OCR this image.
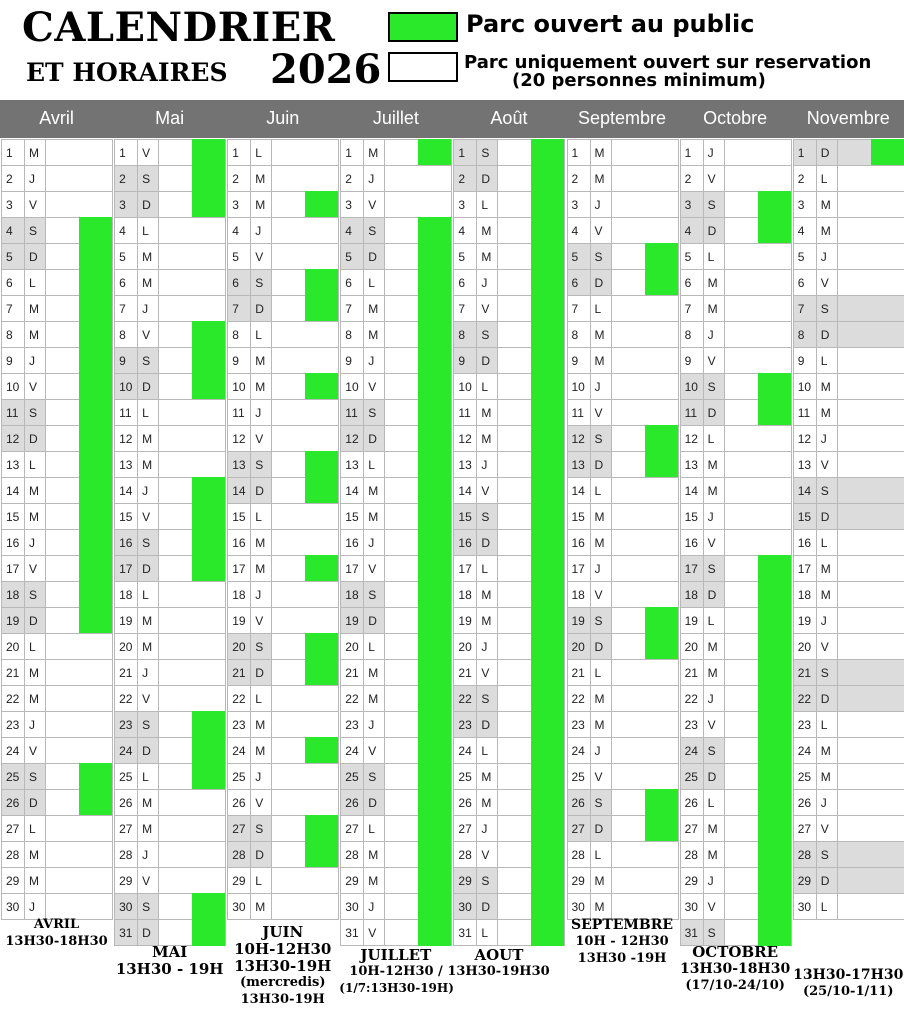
CALENDRIER
ET HORAIRES 2026
Parc ouvert au public
Parc uniquement ouvert sur reservation
(20 personnes minimum)
Avril
1	M
2	J
3	V
4	S
5	D
6	L
7	M
8	M
9	J
10 V
11 S
12 D
13 L
14 M
15 M
16 J
17 V
18 S
19 D
20 L
21 M
22 M
23 J
24 V
25 S
26 D
27 L
28 M
29 M
30 J
AVRIL
13H30-18H30
Mai
1	V
2	S
3	D
4	L
5	M
6	M
7	J
8	V
9	S
10 D
11 L
12 M
13 M
14 J
15 V
16 S
17 D
18 L
19 M
20 M
21 J
22 V
23 S
24 D
25 L
26 M
27 M
28 J
29 V
30 S
31 D
MAI
13H30 - 19H
Juin
1	L
2	M
3	M
4	J
5	V
6	S
7	D
8	L
9	M
10 M
11 J
12 V
13 S
14 D
15 L
16 M
17 M
18 J
19 V
20 S
21 D
22 L
23 M
24 M
25 J
26 V
27 S
28 D
29 L
30 M
JUIN
10H-12H30
13H30-19H
(mercredis)
13H30-19H
Juillet
1	M
2	J
3	V
4	S
5	D
6	L
7	M
8	M
9	J
10 V
11 S
12 D
13 L
14 M
15 M
16 J
17 V
18 S
19 D
20 L
21 M
22 M
23 J
24 V
25 S
26 D
27 L
28 M
29 M
30 J
31 V
JUILLET
10H-12H30 / 13H30-19H30
(1/7:13H30-19H)
Août
1	S
2	D
3	L
4	M
5	M
6	J
7	V
8	S
9	D
10 L
11 M
12 M
13 J
14 V
15 S
16 D
17 L
18 M
19 M
20 J
21 V
22 S
23 D
24 L
25 M
26 M
27 J
28 V
29 S
30 D
31 L
AOUT
Septembre
1	M
2	M
3	J
4	V
5	S
6	D
7	L
8	M
9	M
10 J
11 V
12 S
13 D
14 L
15 M
16 M
17 J
18 V
19 S
20 D
21 L
22 M
23 M
24 J
25 V
26 S
27 D
28 L
29 M
30 M
SEPTEMBRE
10H - 12H30
13H30 -19H
Octobre
1	J
2	V
3	S
4	D
5	L
6	M
7	M
8	J
9	V
10 S
11 D
12 L
13 M
14 M
15 J
16 V
17 S
18 D
19 L
20 M
21 M
22 J
23 V
24 S
25 D
26 L
27 M
28 M
29 J
30 V
31 S
OCTOBRE
13H30-18H30
(17/10-24/10)
Novembre
1	D
2	L
3	M
4	M
5	J
6	V
7	S
8	D
9	L
10 M
11 M
12 J
13 V
14 S
15 D
16 L
17 M
18 M
19 J
20 V
21 S
22 D
23 L
24 M
25 M
26 J
27 V
28 S
29 D
30 L
13H30-17H30
(25/10-1/11)
